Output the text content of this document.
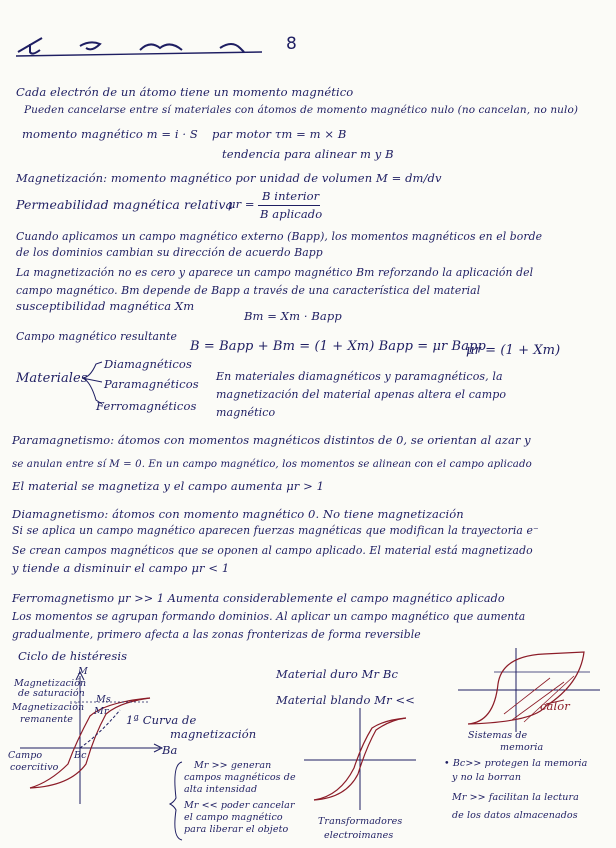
8
Cada electrón de un átomo tiene un momento magnético
Pueden cancelarse entre sí materiales con átomos de momento magnético nulo (no cancelan, no nulo)
momento magnético m = i · S par motor τm = m × B
tendencia para alinear m y B
Magnetización: momento magnético por unidad de volumen M = dm/dv
Permeabilidad magnética relativa
μr =
B interior
B aplicado
Cuando aplicamos un campo magnético externo (Bapp), los momentos magnéticos en el borde
de los dominios cambian su dirección de acuerdo Bapp
La magnetización no es cero y aparece un campo magnético Bm reforzando la aplicación del
campo magnético. Bm depende de Bapp a través de una característica del material
susceptibilidad magnética Xm
Bm = Xm · Bapp
Campo magnético resultante
B = Bapp + Bm = (1 + Xm) Bapp = μr Bapp
μr = (1 + Xm)
Materiales
Diamagnéticos
Paramagnéticos
Ferromagnéticos
En materiales diamagnéticos y paramagnéticos, la
magnetización del material apenas altera el campo
magnético
Paramagnetismo: átomos con momentos magnéticos distintos de 0, se orientan al azar y
se anulan entre sí M = 0. En un campo magnético, los momentos se alinean con el campo aplicado
El material se magnetiza y el campo aumenta μr > 1
Diamagnetismo: átomos con momento magnético 0. No tiene magnetización
Si se aplica un campo magnético aparecen fuerzas magnéticas que modifican la trayectoria e⁻
Se crean campos magnéticos que se oponen al campo aplicado. El material está magnetizado
y tiende a disminuir el campo μr < 1
Ferromagnetismo μr >> 1 Aumenta considerablemente el campo magnético aplicado
Los momentos se agrupan formando dominios. Al aplicar un campo magnético que aumenta
gradualmente, primero afecta a las zonas fronterizas de forma reversible
Ciclo de histéresis
M
Magnetización
de saturación
Magnetización
remanente
Ms
Mr
Bc
1ª Curva de
magnetización
Ba
Campo
coercitivo	Mr >> generan
campos magnéticos de
alta intensidad
Mr << poder cancelar
el campo magnético
para liberar el objeto
Material duro Mr Bc
Material blando Mr <<
Transformadores
electroimanes
calor
Sistemas de
memoria
• Bc>> protegen la memoria
y no la borran
Mr >> facilitan la lectura
de los datos almacenados
